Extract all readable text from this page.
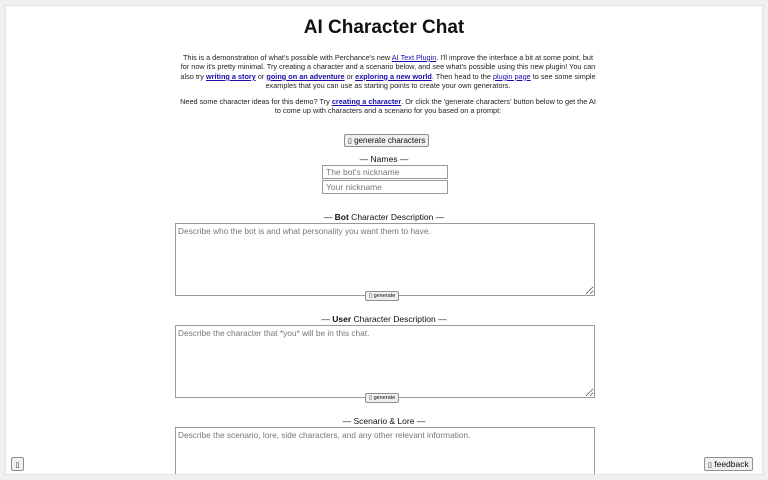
AI Character Chat
This is a demonstration of what's possible with Perchance's new AI Text Plugin. I'll improve the interface a bit at some point, but for now it's pretty minimal. Try creating a character and a scenario below, and see what's possible using this new plugin! You can also try writing a story or going on an adventure or exploring a new world. Then head to the plugin page to see some simple examples that you can use as starting points to create your own generators.
Need some character ideas for this demo? Try creating a character. Or click the 'generate characters' button below to get the AI to come up with characters and a scenario for you based on a prompt:
▯ generate characters
— Names —
The bot's nickname
Your nickname
— Bot Character Description —
Describe who the bot is and what personality you want them to have.
▯ generate
— User Character Description —
Describe the character that *you* will be in this chat.
▯ generate
— Scenario & Lore —
Describe the scenario, lore, side characters, and any other relevant information.
▯	▯ feedback
